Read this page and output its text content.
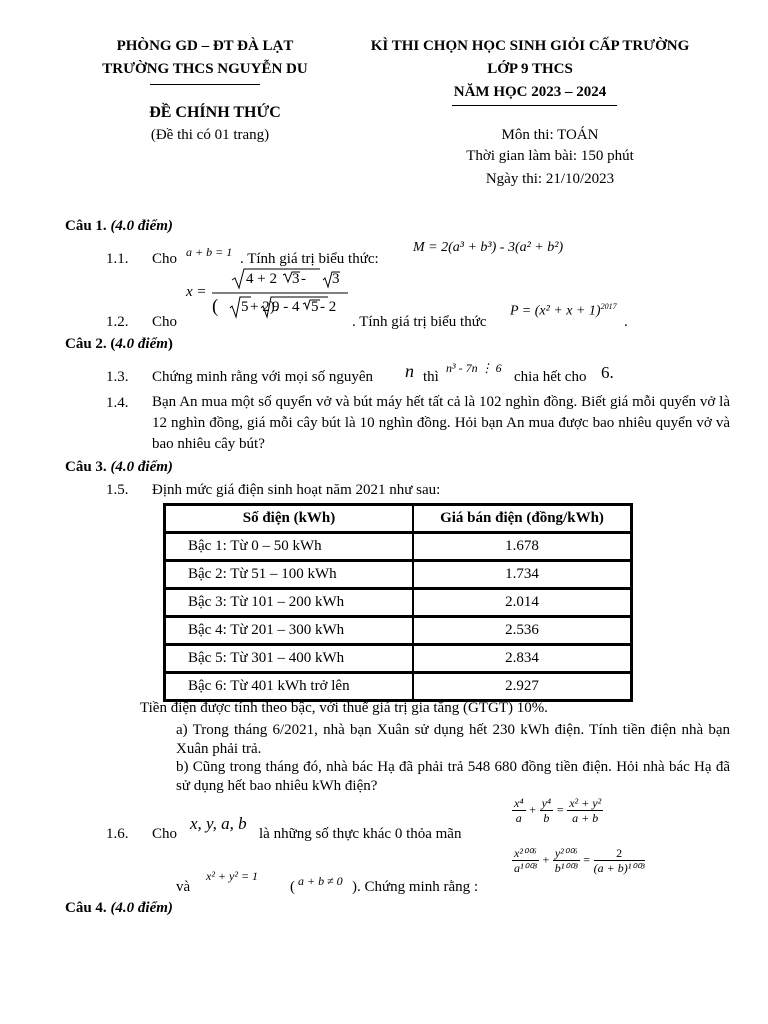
PHÒNG GD – ĐT ĐÀ LẠT
TRƯỜNG THCS NGUYỄN DU
KÌ THI CHỌN HỌC SINH GIỎI CẤP TRƯỜNG
LỚP 9 THCS
NĂM HỌC 2023 – 2024
ĐỀ CHÍNH THỨC
(Đề thi có 01 trang)	Môn thi: TOÁN
Thời gian làm bài: 150 phút
Ngày thi: 21/10/2023
Câu 1. (4.0 điểm)
1.1. Cho a + b = 1 . Tính giá trị biểu thức:
M = 2(a³ + b³) - 3(a² + b²)
1.2. Cho
x =
4 + 2 3 - 3
( 5 + 2).
9 - 4 5 - 2
. Tính giá trị biểu thức
$P = (x^2 + x + 1)^{2017}$
.
Câu 2. (4.0 điểm)
1.3. Chứng minh rằng với mọi số nguyên n thì
n³ - 7n ⋮ 6
chia hết cho 6.
1.4. Bạn An mua một số quyển vở và bút máy hết tất cả là 102 nghìn đồng. Biết giá mỗi quyển vở là 12 nghìn đồng, giá mỗi cây bút là 10 nghìn đồng. Hỏi bạn An mua được bao nhiêu quyển vở và bao nhiêu cây bút?
Câu 3. (4.0 điểm)
1.5. Định mức giá điện sinh hoạt năm 2021 như sau:
Số điện (kWh)	Giá bán điện (đồng/kWh)
Bậc 1: Từ 0 – 50 kWh	1.678
Bậc 2: Từ 51 – 100 kWh	1.734
Bậc 3: Từ 101 – 200 kWh	2.014
Bậc 4: Từ 201 – 300 kWh	2.536
Bậc 5: Từ 301 – 400 kWh	2.834
Bậc 6: Từ 401 kWh trở lên	2.927
Tiền điện được tính theo bậc, với thuế giá trị gia tăng (GTGT) 10%.
a) Trong tháng 6/2021, nhà bạn Xuân sử dụng hết 230 kWh điện. Tính tiền điện nhà bạn Xuân phải trả.
b) Cũng trong tháng đó, nhà bác Hạ đã phải trả 548 680 đồng tiền điện. Hỏi nhà bác Hạ đã sử dụng hết bao nhiêu kWh điện?
1.6. Cho
x, y, a, b
là những số thực khác 0 thỏa mãn
$\frac{\text{x⁴}}{a} + \frac{\text{y⁴}}{b} = \frac{\text{x² + y²}}{a + b}$
và
x² + y² = 1
( a + b ≠ 0 ). Chứng minh rằng :
$\frac{\text{x²⁰⁰⁶}}{\text{a¹⁰⁰³}} + \frac{\text{y²⁰⁰⁶}}{\text{b¹⁰⁰³}} = \frac{2}{\text{(a + b)¹⁰⁰³}}$
Câu 4. (4.0 điểm)
